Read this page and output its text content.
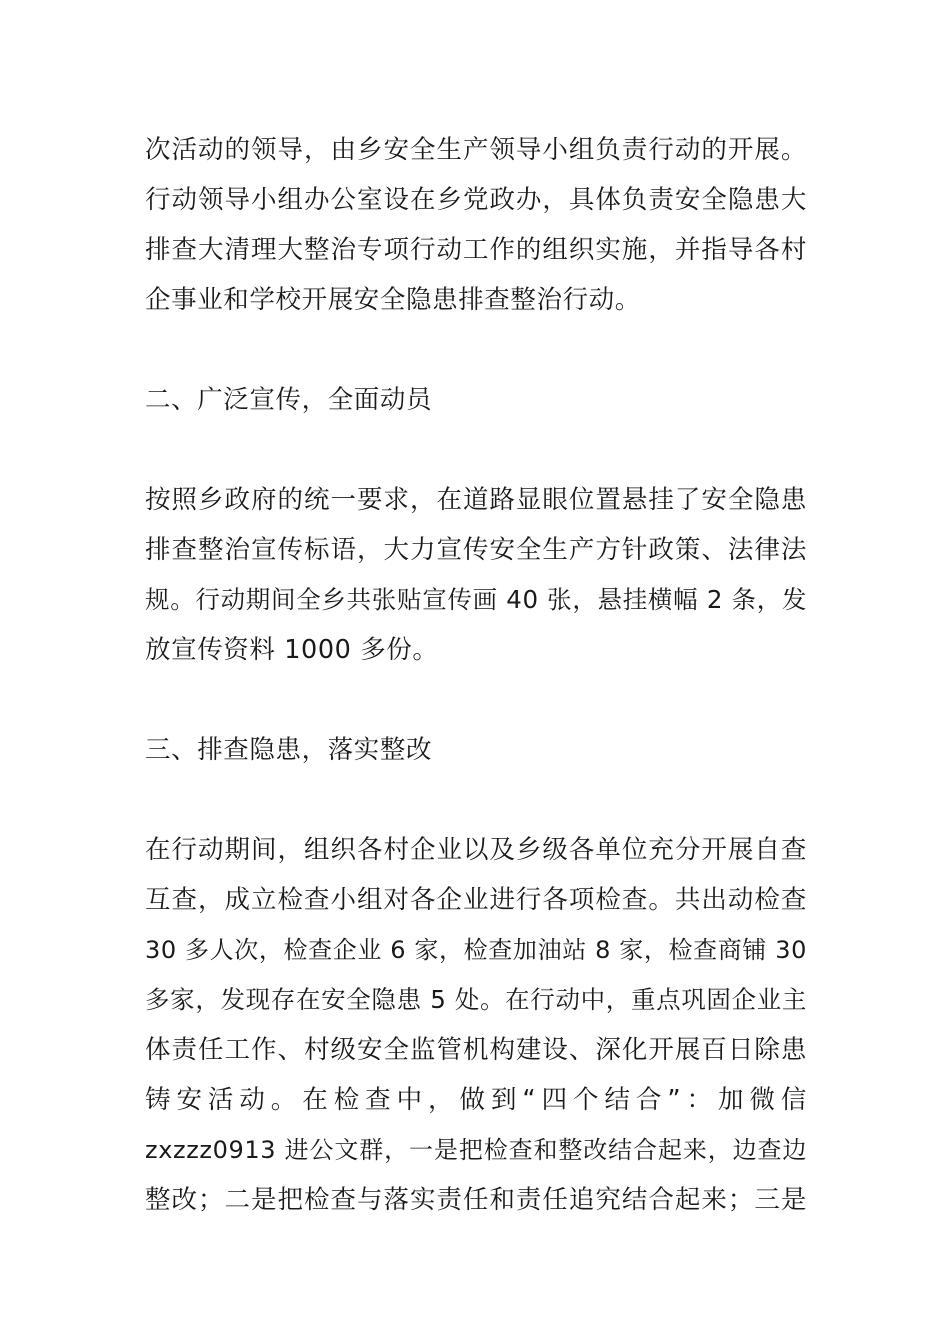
次活动的领导，由乡安全生产领导小组负责行动的开展。
行动领导小组办公室设在乡党政办，具体负责安全隐患大
排查大清理大整治专项行动工作的组织实施，并指导各村
企事业和学校开展安全隐患排查整治行动。
二、广泛宣传，全面动员
按照乡政府的统一要求，在道路显眼位置悬挂了安全隐患
排查整治宣传标语，大力宣传安全生产方针政策、法律法
规。行动期间全乡共张贴宣传画 40 张，悬挂横幅 2 条，发
放宣传资料 1000 多份。
三、排查隐患，落实整改
在行动期间，组织各村企业以及乡级各单位充分开展自查
互查，成立检查小组对各企业进行各项检查。共出动检查
30 多人次，检查企业 6 家，检查加油站 8 家，检查商铺 30
多家，发现存在安全隐患 5 处。在行动中，重点巩固企业主
体责任工作、村级安全监管机构建设、深化开展百日除患
铸安活动。在检查中，做到“四个结合”：加微信
zxzzz0913 进公文群，一是把检查和整改结合起来，边查边
整改；二是把检查与落实责任和责任追究结合起来；三是
